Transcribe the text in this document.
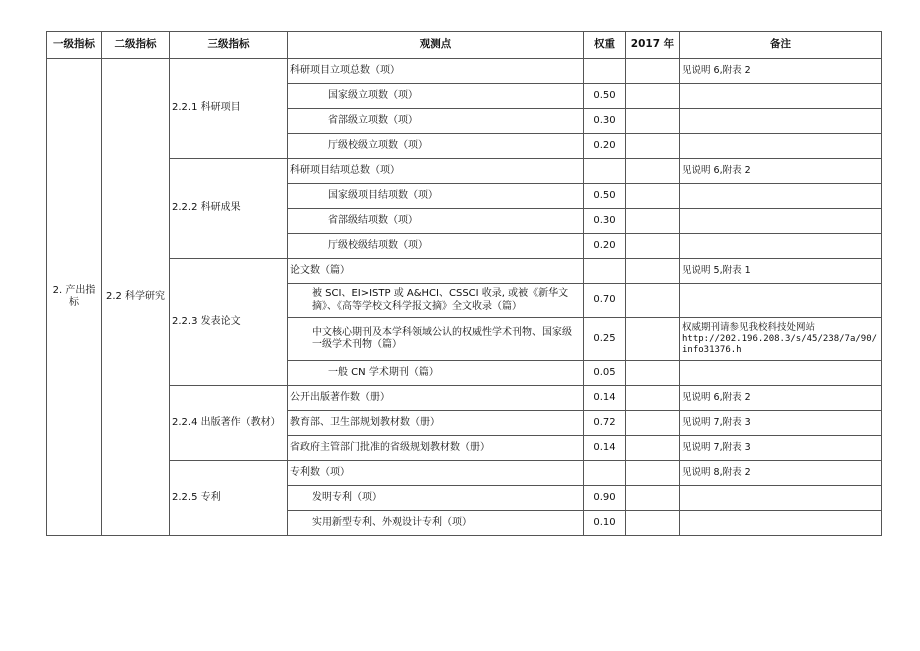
一级指标	二级指标	三级指标	观测点	权重	2017 年	备注
2. 产出指标	2.2 科学研究	2.2.1 科研项目	科研项目立项总数（项）			见说明 6,附表 2
			国家级立项数（项）	0.50		
			省部级立项数（项）	0.30		
			厅级校级立项数（项）	0.20		
		2.2.2 科研成果	科研项目结项总数（项）			见说明 6,附表 2
			国家级项目结项数（项）	0.50		
			省部级结项数（项）	0.30		
			厅级校级结项数（项）	0.20		
		2.2.3 发表论文	论文数（篇）			见说明 5,附表 1
			被 SCI、EI>ISTP 或 A&HCI、CSSCI 收录, 或被《新华文摘》、《高等学校文科学报文摘》全文收录（篇）	0.70		
			中文核心期刊及本学科领域公认的权威性学术刊物、国家级一级学术刊物（篇）	0.25		权威期刊请参见我校科技处网站
http://202.196.208.3/s/45/238/7a/90/info31376.h

			一般 CN 学术期刊（篇）	0.05		
		2.2.4 出版著作（教材）	公开出版著作数（册）	0.14		见说明 6,附表 2
			教育部、卫生部规划教材数（册）	0.72		见说明 7,附表 3
			省政府主管部门批准的省级规划教材数（册）	0.14		见说明 7,附表 3
		2.2.5 专利	专利数（项）			见说明 8,附表 2
			发明专利（项）	0.90		
			实用新型专利、外观设计专利（项）	0.10		
